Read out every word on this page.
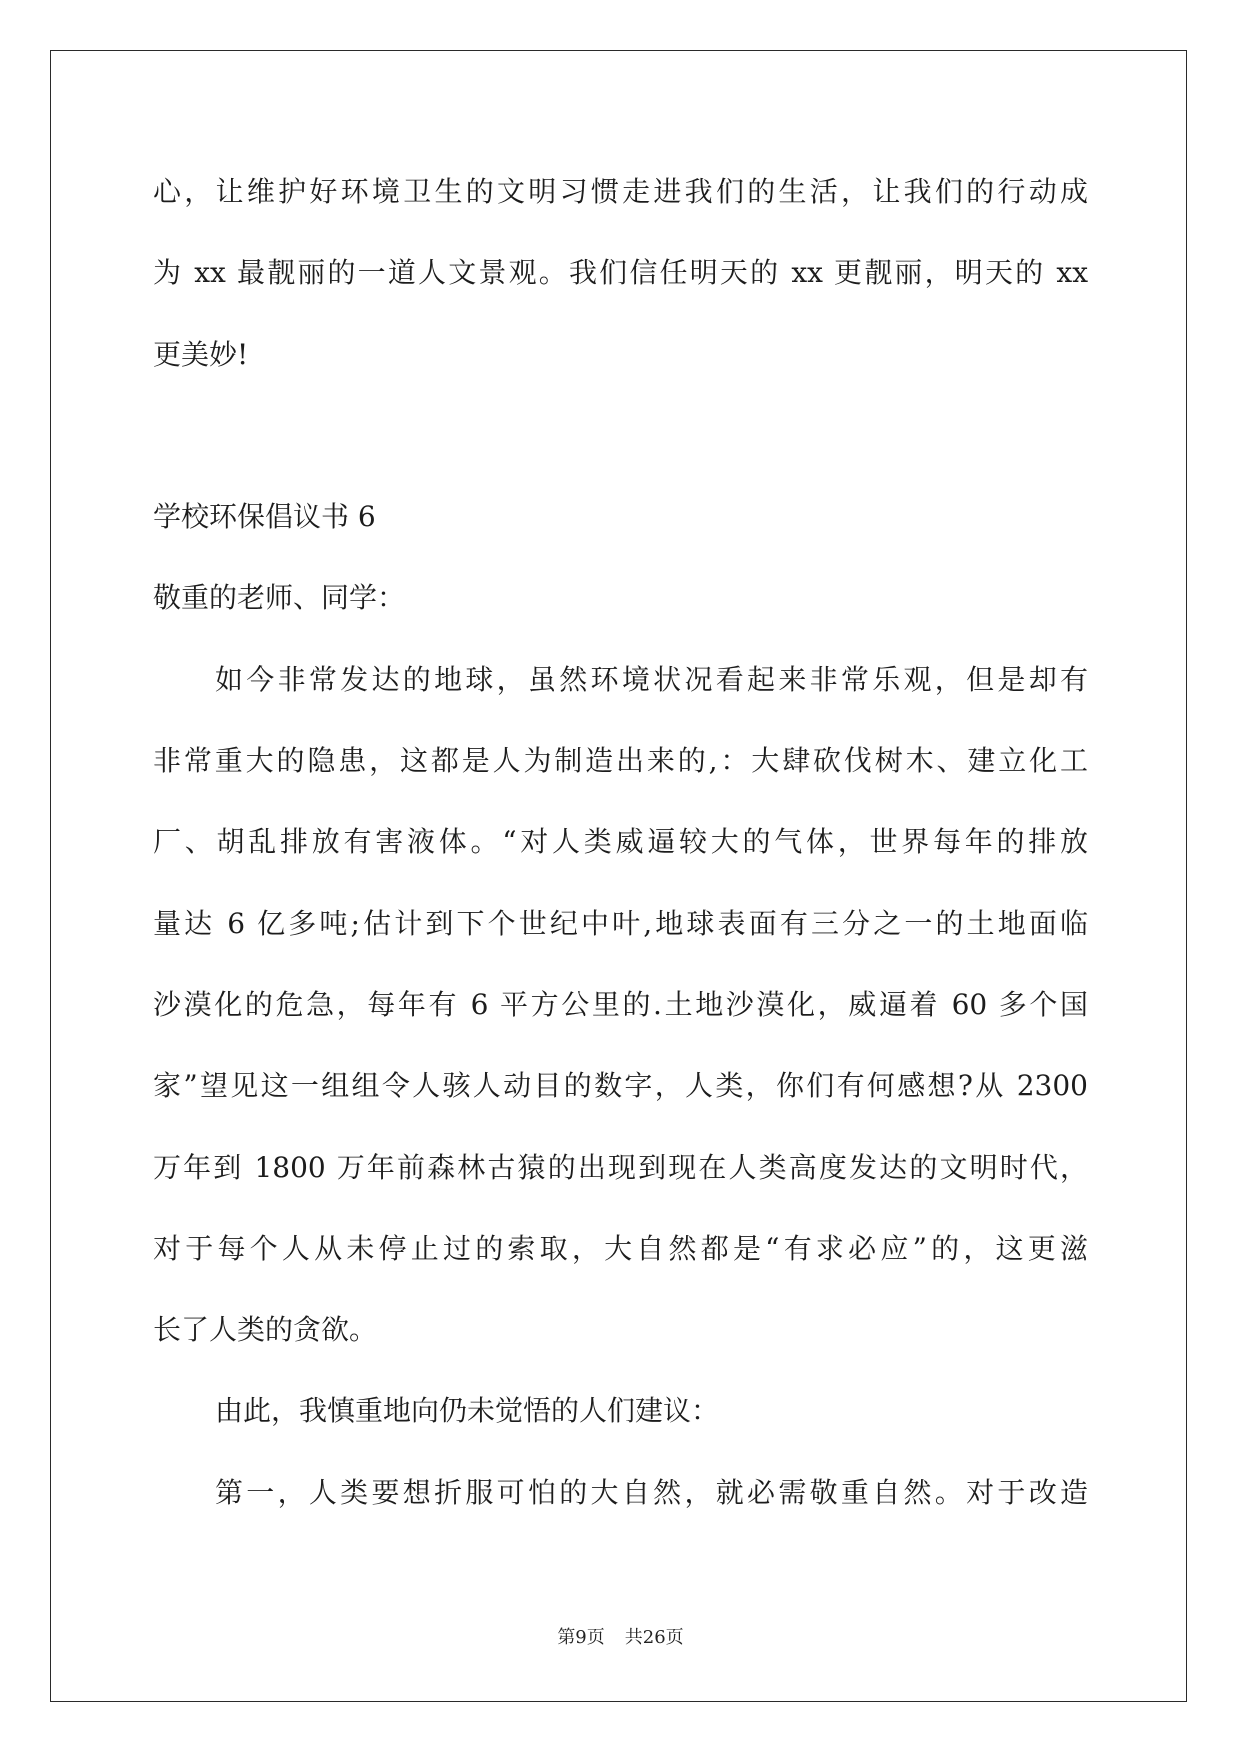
心，让维护好环境卫生的文明习惯走进我们的生活，让我们的行动成
为 xx 最靓丽的一道人文景观。我们信任明天的 xx 更靓丽，明天的 xx
更美妙!
学校环保倡议书 6
敬重的老师、同学：
如今非常发达的地球，虽然环境状况看起来非常乐观，但是却有
非常重大的隐患，这都是人为制造出来的,：大肆砍伐树木、建立化工
厂、胡乱排放有害液体。“对人类威逼较大的气体，世界每年的排放
量达 6 亿多吨;估计到下个世纪中叶,地球表面有三分之一的土地面临
沙漠化的危急，每年有 6 平方公里的.土地沙漠化，威逼着 60 多个国
家”望见这一组组令人骇人动目的数字，人类，你们有何感想?从 2300
万年到 1800 万年前森林古猿的出现到现在人类高度发达的文明时代，
对于每个人从未停止过的索取，大自然都是“有求必应”的，这更滋
长了人类的贪欲。
由此，我慎重地向仍未觉悟的人们建议：
第一，人类要想折服可怕的大自然，就必需敬重自然。对于改造
第9页 共26页
